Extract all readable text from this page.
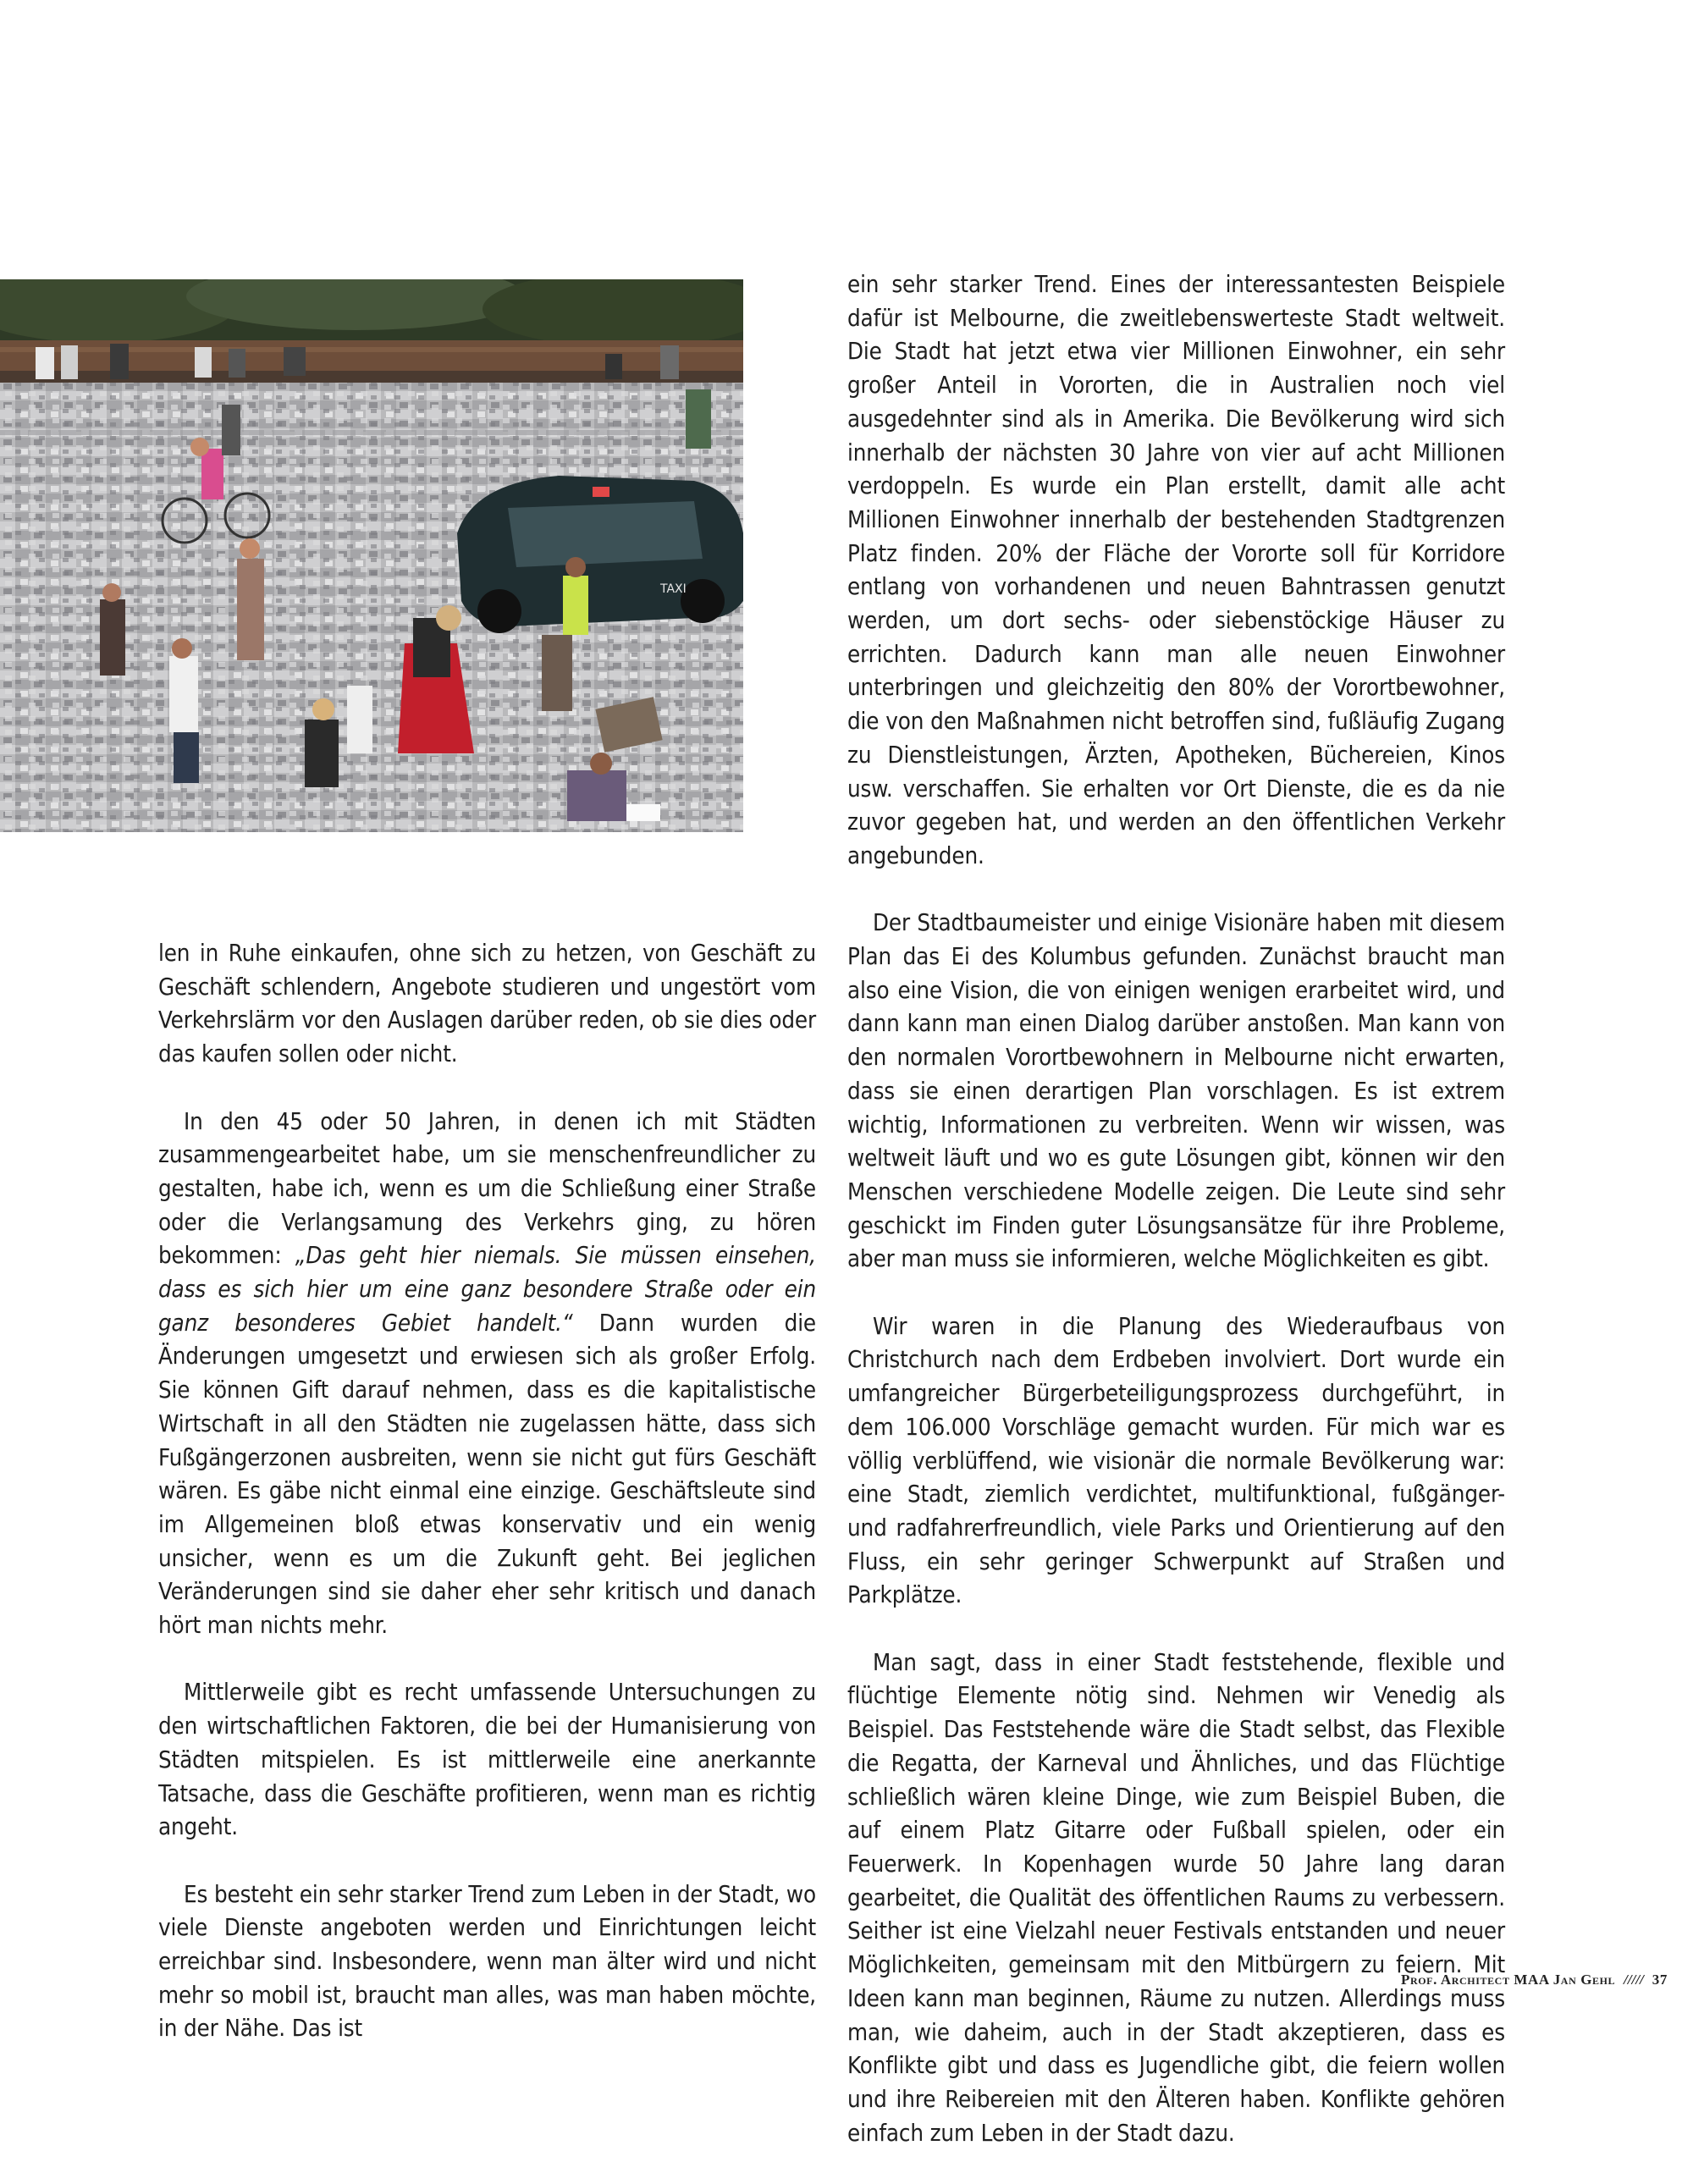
TAXI

len in Ruhe einkaufen, ohne sich zu hetzen, von Geschäft zu Geschäft schlendern, Angebote studieren und ungestört vom Verkehrslärm vor den Auslagen darüber reden, ob sie dies oder das kaufen sollen oder nicht.

In den 45 oder 50 Jahren, in denen ich mit Städten zusammengearbeitet habe, um sie menschenfreundlicher zu gestalten, habe ich, wenn es um die Schließung einer Straße oder die Verlangsamung des Verkehrs ging, zu hören bekommen: „Das geht hier niemals. Sie müssen einsehen, dass es sich hier um eine ganz besondere Straße oder ein ganz besonderes Gebiet handelt.“ Dann wurden die Änderungen umgesetzt und erwiesen sich als großer Erfolg. Sie können Gift darauf nehmen, dass es die kapitalistische Wirtschaft in all den Städten nie zugelassen hätte, dass sich Fußgängerzonen ausbreiten, wenn sie nicht gut fürs Geschäft wären. Es gäbe nicht einmal eine einzige. Geschäftsleute sind im Allgemeinen bloß etwas konservativ und ein wenig unsicher, wenn es um die Zukunft geht. Bei jeglichen Veränderungen sind sie daher eher sehr kritisch und danach hört man nichts mehr.

Mittlerweile gibt es recht umfassende Untersuchungen zu den wirtschaftlichen Faktoren, die bei der Humanisierung von Städten mitspielen. Es ist mittlerweile eine anerkannte Tatsache, dass die Geschäfte profitieren, wenn man es richtig angeht.

Es besteht ein sehr starker Trend zum Leben in der Stadt, wo viele Dienste angeboten werden und Einrichtungen leicht erreichbar sind. Insbesondere, wenn man älter wird und nicht mehr so mobil ist, braucht man alles, was man haben möchte, in der Nähe. Das ist

ein sehr starker Trend. Eines der interessantesten Beispiele dafür ist Melbourne, die zweitlebenswerteste Stadt weltweit. Die Stadt hat jetzt etwa vier Millionen Einwohner, ein sehr großer Anteil in Vororten, die in Australien noch viel ausgedehnter sind als in Amerika. Die Bevölkerung wird sich innerhalb der nächsten 30 Jahre von vier auf acht Millionen verdoppeln. Es wurde ein Plan erstellt, damit alle acht Millionen Einwohner innerhalb der bestehenden Stadtgrenzen Platz finden. 20% der Fläche der Vororte soll für Korridore entlang von vorhandenen und neuen Bahntrassen genutzt werden, um dort sechs- oder siebenstöckige Häuser zu errichten. Dadurch kann man alle neuen Einwohner unterbringen und gleichzeitig den 80% der Vorortbewohner, die von den Maßnahmen nicht betroffen sind, fußläufig Zugang zu Dienstleistungen, Ärzten, Apotheken, Büchereien, Kinos usw. verschaffen. Sie erhalten vor Ort Dienste, die es da nie zuvor gegeben hat, und werden an den öffentlichen Verkehr angebunden.

Der Stadtbaumeister und einige Visionäre haben mit diesem Plan das Ei des Kolumbus gefunden. Zunächst braucht man also eine Vision, die von einigen wenigen erarbeitet wird, und dann kann man einen Dialog darüber anstoßen. Man kann von den normalen Vorortbewohnern in Melbourne nicht erwarten, dass sie einen derartigen Plan vorschlagen. Es ist extrem wichtig, Informationen zu verbreiten. Wenn wir wissen, was weltweit läuft und wo es gute Lösungen gibt, können wir den Menschen verschiedene Modelle zeigen. Die Leute sind sehr geschickt im Finden guter Lösungsansätze für ihre Probleme, aber man muss sie informieren, welche Möglichkeiten es gibt.

Wir waren in die Planung des Wiederaufbaus von Christchurch nach dem Erdbeben involviert. Dort wurde ein umfangreicher Bürgerbeteiligungsprozess durchgeführt, in dem 106.000 Vorschläge gemacht wurden. Für mich war es völlig verblüffend, wie visionär die normale Bevölkerung war: eine Stadt, ziemlich verdichtet, multifunktional, fußgänger- und radfahrerfreundlich, viele Parks und Orientierung auf den Fluss, ein sehr geringer Schwerpunkt auf Straßen und Parkplätze.

Man sagt, dass in einer Stadt feststehende, flexible und flüchtige Elemente nötig sind. Nehmen wir Venedig als Beispiel. Das Feststehende wäre die Stadt selbst, das Flexible die Regatta, der Karneval und Ähnliches, und das Flüchtige schließlich wären kleine Dinge, wie zum Beispiel Buben, die auf einem Platz Gitarre oder Fußball spielen, oder ein Feuerwerk. In Kopenhagen wurde 50 Jahre lang daran gearbeitet, die Qualität des öffentlichen Raums zu verbessern. Seither ist eine Vielzahl neuer Festivals entstanden und neuer Möglichkeiten, gemeinsam mit den Mitbürgern zu feiern. Mit Ideen kann man beginnen, Räume zu nutzen. Allerdings muss man, wie daheim, auch in der Stadt akzeptieren, dass es Konflikte gibt und dass es Jugendliche gibt, die feiern wollen und ihre Reibereien mit den Älteren haben. Konflikte gehören einfach zum Leben in der Stadt dazu.

Prof. Architect MAA Jan Gehl ///// 37
